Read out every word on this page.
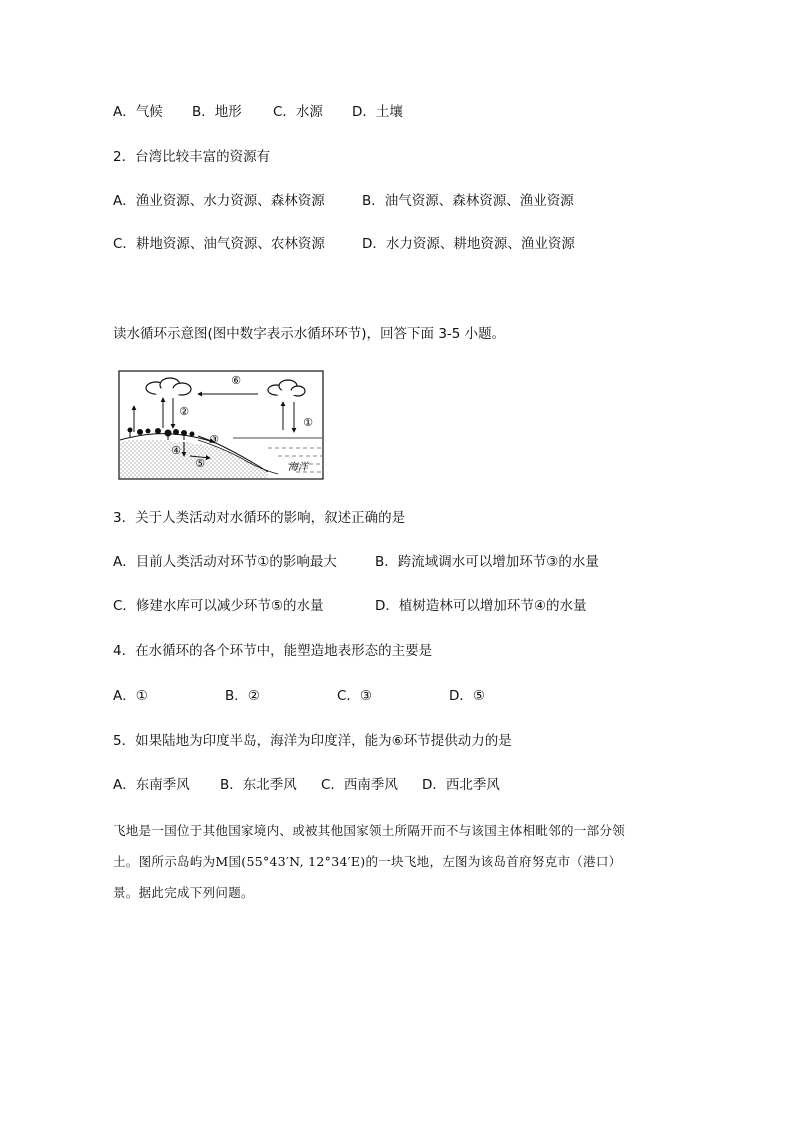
A．气候 B．地形 C．水源 D．土壤
2．台湾比较丰富的资源有
A．渔业资源、水力资源、森林资源	B．油气资源、森林资源、渔业资源
C．耕地资源、油气资源、农林资源	D．水力资源、耕地资源、渔业资源
读水循环示意图(图中数字表示水循环环节)，回答下面 3-5 小题。
⑥
②
①
③
④
⑤	海洋
3．关于人类活动对水循环的影响，叙述正确的是
A．目前人类活动对环节①的影响最大	B．跨流域调水可以增加环节③的水量
C．修建水库可以减少环节⑤的水量	D．植树造林可以增加环节④的水量
4．在水循环的各个环节中，能塑造地表形态的主要是
A．①	B．②	C．③	D．⑤
5．如果陆地为印度半岛，海洋为印度洋，能为⑥环节提供动力的是
A．东南季风 B．东北季风 C．西南季风 D．西北季风
飞地是一国位于其他国家境内、或被其他国家领土所隔开而不与该国主体相毗邻的一部分领
土。图所示岛屿为M国(55°43′N, 12°34′E)的一块飞地，左图为该岛首府努克市（港口）
景。据此完成下列问题。
